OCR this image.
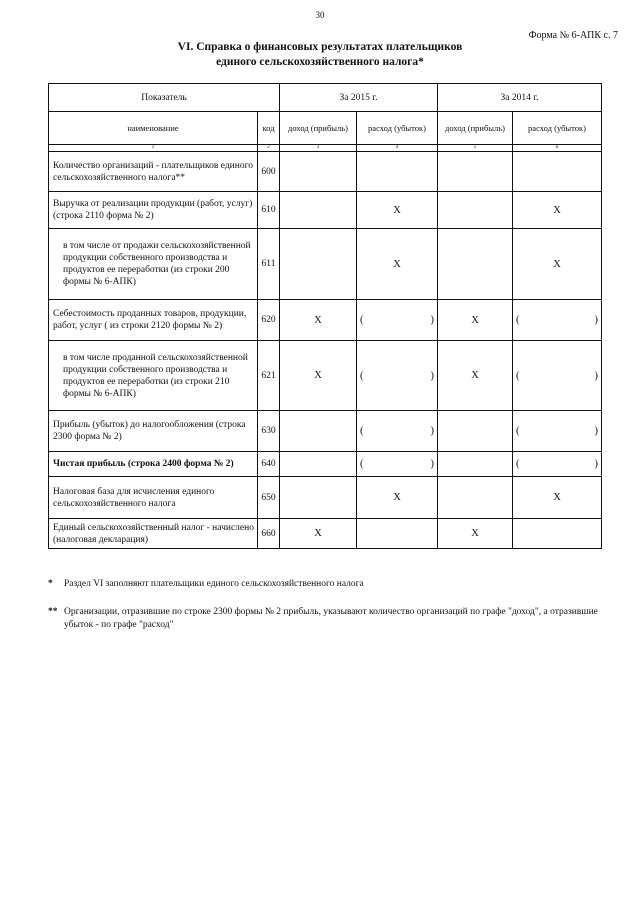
30
Форма № 6-АПК с. 7
VI. Справка о финансовых результатах плательщиков
единого сельскохозяйственного налога*
Показатель		За 2015 г.		За 2014 г.	
наименование	код	доход (прибыль)	расход (убыток)	доход (прибыль)	расход (убыток)
1	2	3	4	5	6
Количество организаций - плательщиков единого сельскохозяйственного налога**	600				
Выручка от реализации продукции (работ, услуг) (строка 2110 форма № 2)	610		X		X
в том числе от продажи сельскохозяйственной продукции собственного производства и продуктов ее переработки (из строки 200 формы № 6-АПК)	611		X		X
Себестоимость проданных товаров, продукции, работ, услуг ( из строки 2120 формы № 2)	620	X	( )	X	( )

в том числе проданной сельскохозяйственной продукции собственного производства и продуктов ее переработки (из строки 210 формы № 6-АПК)	621	X	( )	X	( )

Прибыль (убыток) до налогообложения (строка 2300 форма № 2)	630		( )		( )

Чистая прибыль (строка 2400 форма № 2)	640		( )		( )

Налоговая база для исчисления единого сельскохозяйственного налога	650		X		X
Единый сельскохозяйственный налог - начислено (налоговая декларация)	660	X		X	
* Раздел VI заполняют плательщики единого сельскохозяйственного налога
** Организации, отразившие по строке 2300 формы № 2 прибыль, указывают количество организаций по графе "доход", а отразившие убыток - по графе "расход"
